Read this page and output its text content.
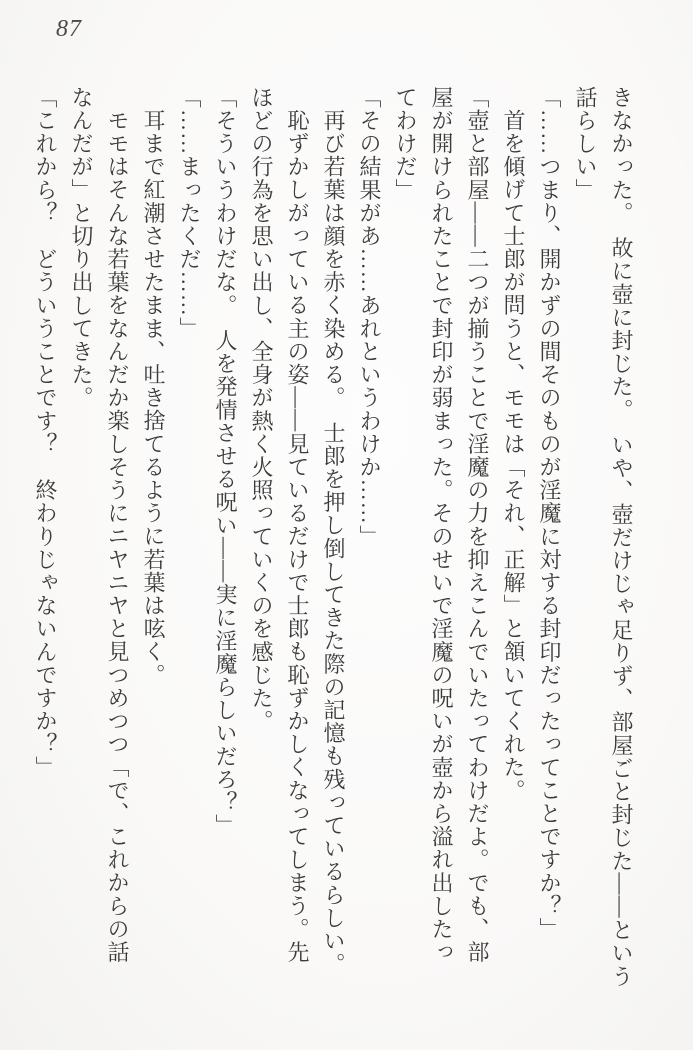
87
きなかった。　故に壺に封じた。　いや、壺だけじゃ足りず、部屋ごと封じた——という
話らしい」
「……つまり、開かずの間そのものが淫魔に対する封印だったってことですか？」
首を傾げて士郎が問うと、モモは「それ、正解」と頷いてくれた。
「壺と部屋——二つが揃うことで淫魔の力を抑えこんでいたってわけだよ。でも、部
屋が開けられたことで封印が弱まった。そのせいで淫魔の呪いが壺から溢れ出したっ
てわけだ」
「その結果があ……あれというわけか……」
再び若葉は顔を赤く染める。　士郎を押し倒してきた際の記憶も残っているらしい。
恥ずかしがっている主の姿——見ているだけで士郎も恥ずかしくなってしまう。先
ほどの行為を思い出し、全身が熱く火照っていくのを感じた。
「そういうわけだな。　人を発情させる呪い——実に淫魔らしいだろ？」
「……まったくだ……」
耳まで紅潮させたまま、吐き捨てるように若葉は呟く。
モモはそんな若葉をなんだか楽しそうにニヤニヤと見つめつつ「で、これからの話
なんだが」と切り出してきた。
「これから？　どういうことです？　終わりじゃないんですか？」
